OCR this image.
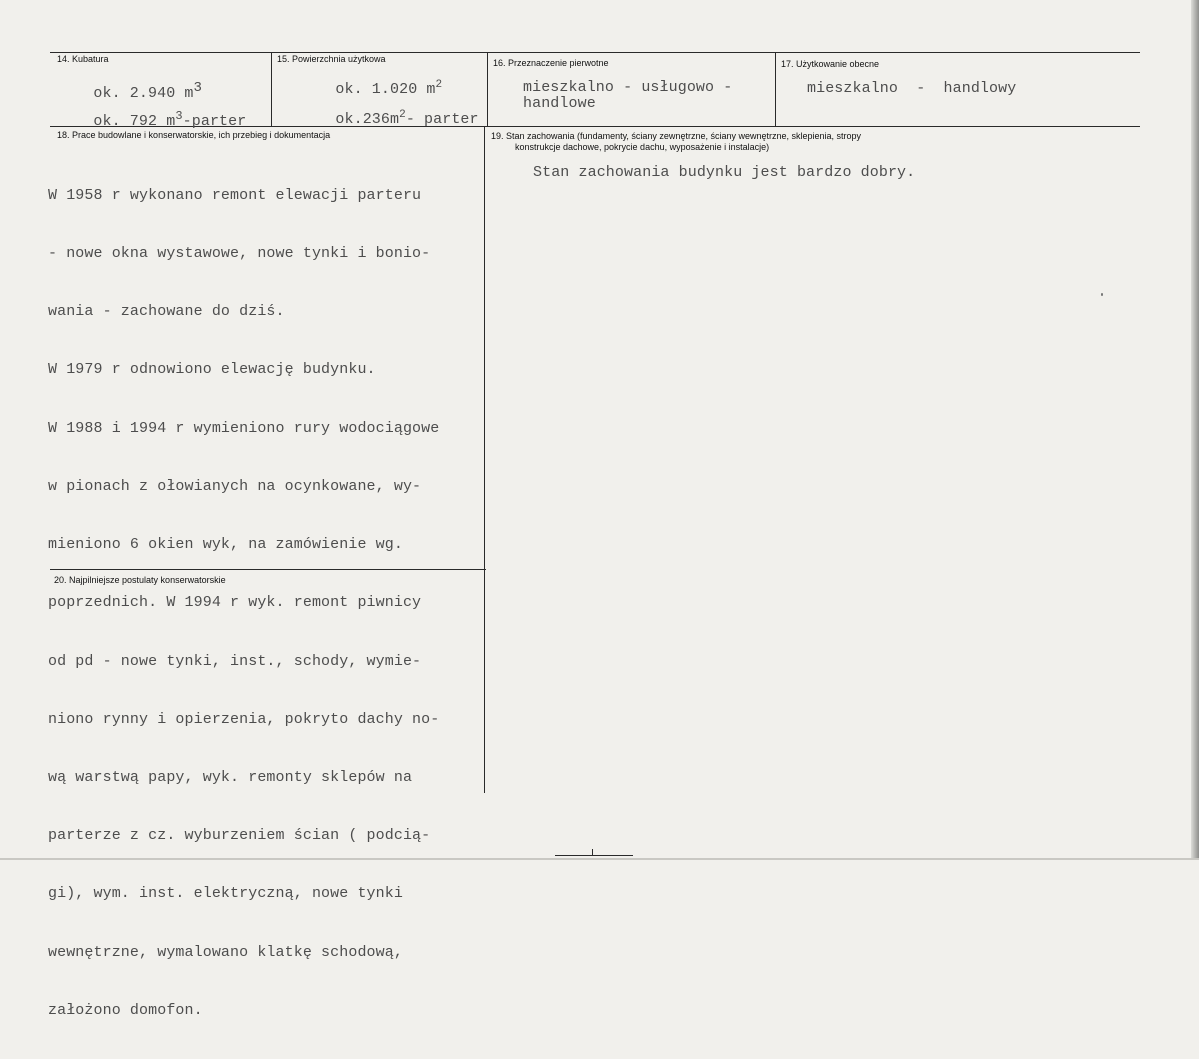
14. Kubatura

ok. 2.940 $m^3$

ok. 792 $m^3$-parter

15. Powierzchnia użytkowa

ok. 1.020 $m^2$

$ok.236m^2-$ parter

16. Przeznaczenie pierwotne
mieszkalno - usługowo -
handlowe
17. Użytkowanie obecne
mieszkalno  -  handlowy
18. Prace budowlane i konserwatorskie, ich przebieg i dokumentacja

W 1958 r wykonano remont elewacji parteru

- nowe okna wystawowe, nowe tynki i bonio-

wania - zachowane do dziś.

W 1979 r odnowiono elewację budynku.

W 1988 i 1994 r wymieniono rury wodociągowe

w pionach z ołowianych na ocynkowane, wy-

mieniono 6 okien wyk, na zamówienie wg.

poprzednich. W 1994 r wyk. remont piwnicy

od pd - nowe tynki, inst., schody, wymie-

niono rynny i opierzenia, pokryto dachy no-

wą warstwą papy, wyk. remonty sklepów na

parterze z cz. wyburzeniem ścian ( podcią-

gi), wym. inst. elektryczną, nowe tynki

wewnętrzne, wymalowano klatkę schodową,

założono domofon.

19. Stan zachowania (fundamenty, ściany zewnętrzne, ściany wewnętrzne, sklepienia, stropy
konstrukcje dachowe, pokrycie dachu, wyposażenie i instalacje)
Stan zachowania budynku jest bardzo dobry.
20. Najpilniejsze postulaty konserwatorskie
